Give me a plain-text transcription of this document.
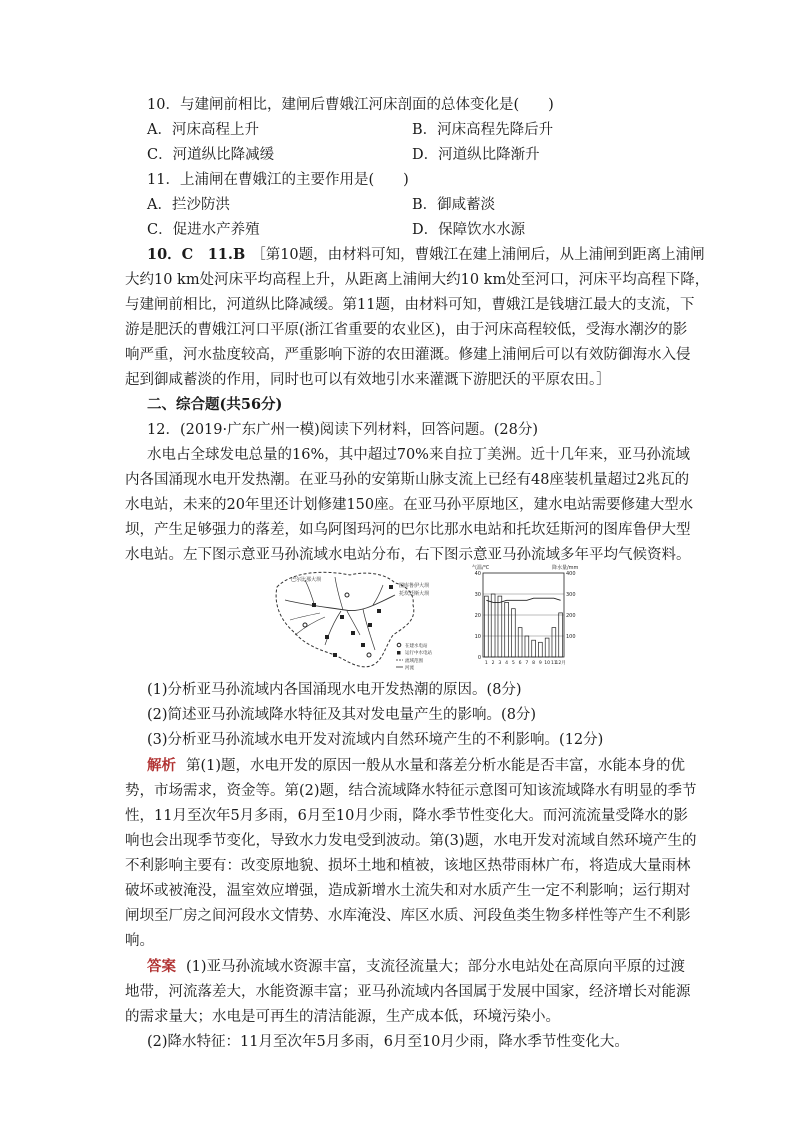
10．与建闸前相比，建闸后曹娥江河床剖面的总体变化是(　　)
A．河床高程上升	B．河床高程先降后升
C．河道纵比降减缓	D．河道纵比降渐升
11．上浦闸在曹娥江的主要作用是(　　)
A．拦沙防洪	B．御咸蓄淡
C．促进水产养殖	D．保障饮水水源
10．C　11.B ［第10题，由材料可知，曹娥江在建上浦闸后，从上浦闸到距离上浦闸
大约10 km处河床平均高程上升，从距离上浦闸大约10 km处至河口，河床平均高程下降，
与建闸前相比，河道纵比降减缓。第11题，由材料可知，曹娥江是钱塘江最大的支流，下
游是肥沃的曹娥江河口平原(浙江省重要的农业区)，由于河床高程较低，受海水潮汐的影
响严重，河水盐度较高，严重影响下游的农田灌溉。修建上浦闸后可以有效防御海水入侵
起到御咸蓄淡的作用，同时也可以有效地引水来灌溉下游肥沃的平原农田。］
二、综合题(共56分)
12．(2019·广东广州一模)阅读下列材料，回答问题。(28分)
水电占全球发电总量的16%，其中超过70%来自拉丁美洲。近十几年来，亚马孙流域
内各国涌现水电开发热潮。在亚马孙的安第斯山脉支流上已经有48座装机量超过2兆瓦的
水电站，未来的20年里还计划修建150座。在亚马孙平原地区，建水电站需要修建大型水
坝，产生足够强力的落差，如乌阿图玛河的巴尔比那水电站和托坎廷斯河的图库鲁伊大型
水电站。左下图示意亚马孙流域水电站分布，右下图示意亚马孙流域多年平均气候资料。
巴尔比那大坝
图库鲁伊大坝
托坎廷斯大坝
在建水电站
运行中水电站
流域范围
河流
气温/℃	降水量/mm
40
30
20
10
0
400
300
200
100
1 2 3 4 5 6 7 8 9 10 11
12月
(1)分析亚马孙流域内各国涌现水电开发热潮的原因。(8分)
(2)简述亚马孙流域降水特征及其对发电量产生的影响。(8分)
(3)分析亚马孙流域水电开发对流域内自然环境产生的不利影响。(12分)
解析 第(1)题，水电开发的原因一般从水量和落差分析水能是否丰富，水能本身的优
势，市场需求，资金等。第(2)题，结合流域降水特征示意图可知该流域降水有明显的季节
性，11月至次年5月多雨，6月至10月少雨，降水季节性变化大。而河流流量受降水的影
响也会出现季节变化，导致水力发电受到波动。第(3)题，水电开发对流域自然环境产生的
不利影响主要有：改变原地貌、损坏土地和植被，该地区热带雨林广布，将造成大量雨林
破坏或被淹没，温室效应增强，造成新增水土流失和对水质产生一定不利影响；运行期对
闸坝至厂房之间河段水文情势、水库淹没、库区水质、河段鱼类生物多样性等产生不利影
响。
答案 (1)亚马孙流域水资源丰富，支流径流量大；部分水电站处在高原向平原的过渡
地带，河流落差大，水能资源丰富；亚马孙流域内各国属于发展中国家，经济增长对能源
的需求量大；水电是可再生的清洁能源，生产成本低，环境污染小。
(2)降水特征：11月至次年5月多雨，6月至10月少雨，降水季节性变化大。
